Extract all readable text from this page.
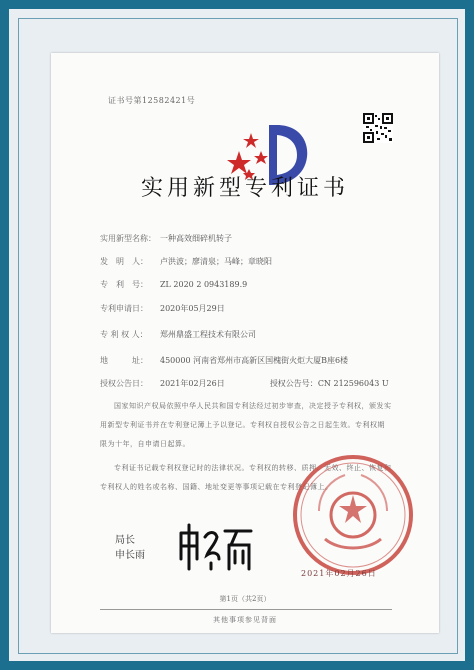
证书号第12582421号
实用新型专利证书
实用新型名称： 一种高效细碎机转子
发　明　人： 卢洪波；廖清泉；马峰；章晓阳
专　利　号： ZL 2020 2 0943189.9
专利申请日： 2020年05月29日
专 利 权 人： 郑州鼎盛工程技术有限公司
地　　　址： 450000 河南省郑州市高新区国槐街火炬大厦B座6楼
授权公告日： 2021年02月26日	授权公告号：CN 212596043 U
国家知识产权局依照中华人民共和国专利法经过初步审查，决定授予专利权，颁发实用新型专利证书并在专利登记簿上予以登记。专利权自授权公告之日起生效。专利权期限为十年，自申请日起算。
专利证书记载专利权登记时的法律状况。专利权的转移、质押、无效、终止、恢复和专利权人的姓名或名称、国籍、地址变更等事项记载在专利登记簿上。
局长
申长雨
2021年02月26日
第1页（共2页）
其他事项参见背面
